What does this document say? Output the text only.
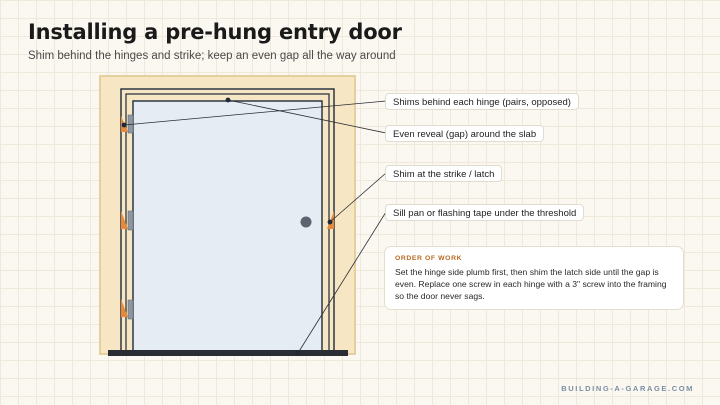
Installing a pre-hung entry door

Shim behind the hinges and strike; keep an even gap all the way around

Shims behind each hinge (pairs, opposed)
Even reveal (gap) around the slab
Shim at the strike / latch
Sill pan or flashing tape under the threshold
ORDER OF WORK

Set the hinge side plumb first, then shim the latch side until the gap is even. Replace one screw in each hinge with a 3" screw into the framing so the door never sags.

BUILDING-A-GARAGE.COM
